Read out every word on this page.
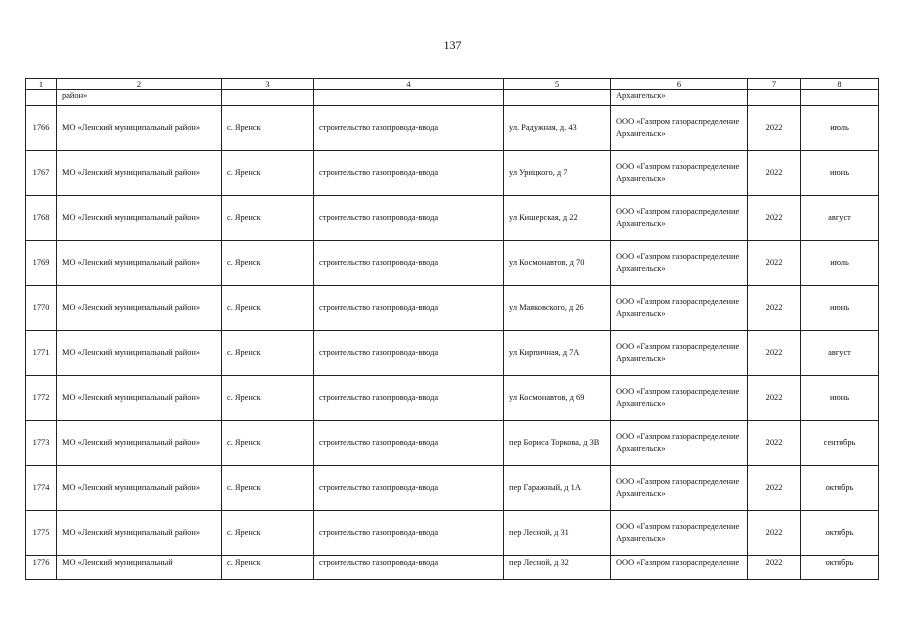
137
1	2	3	4	5	6	7	8
	район»				Архангельск»		
1766	МО «Ленский муниципальный район»	с. Яренск	строительство газопровода-ввода	ул. Радужная, д. 43	ООО «Газпром газораспределение Архангельск»	2022	июль
1767	МО «Ленский муниципальный район»	с. Яренск	строительство газопровода-ввода	ул Урицкого, д 7	ООО «Газпром газораспределение Архангельск»	2022	июнь
1768	МО «Ленский муниципальный район»	с. Яренск	строительство газопровода-ввода	ул Кишерская, д 22	ООО «Газпром газораспределение Архангельск»	2022	август
1769	МО «Ленский муниципальный район»	с. Яренск	строительство газопровода-ввода	ул Космонавтов, д 70	ООО «Газпром газораспределение Архангельск»	2022	июль
1770	МО «Ленский муниципальный район»	с. Яренск	строительство газопровода-ввода	ул Маяковского, д 26	ООО «Газпром газораспределение Архангельск»	2022	июнь
1771	МО «Ленский муниципальный район»	с. Яренск	строительство газопровода-ввода	ул Кирпичная, д 7А	ООО «Газпром газораспределение Архангельск»	2022	август
1772	МО «Ленский муниципальный район»	с. Яренск	строительство газопровода-ввода	ул Космонавтов, д 69	ООО «Газпром газораспределение Архангельск»	2022	июнь
1773	МО «Ленский муниципальный район»	с. Яренск	строительство газопровода-ввода	пер Бориса Торкова, д 3В	ООО «Газпром газораспределение Архангельск»	2022	сентябрь
1774	МО «Ленский муниципальный район»	с. Яренск	строительство газопровода-ввода	пер Гаражный, д 1А	ООО «Газпром газораспределение Архангельск»	2022	октябрь
1775	МО «Ленский муниципальный район»	с. Яренск	строительство газопровода-ввода	пер Лесной, д 31	ООО «Газпром газораспределение Архангельск»	2022	октябрь
1776	МО «Ленский муниципальный	с. Яренск	строительство газопровода-ввода	пер Лесной, д 32	ООО «Газпром газораспределение	2022	октябрь
